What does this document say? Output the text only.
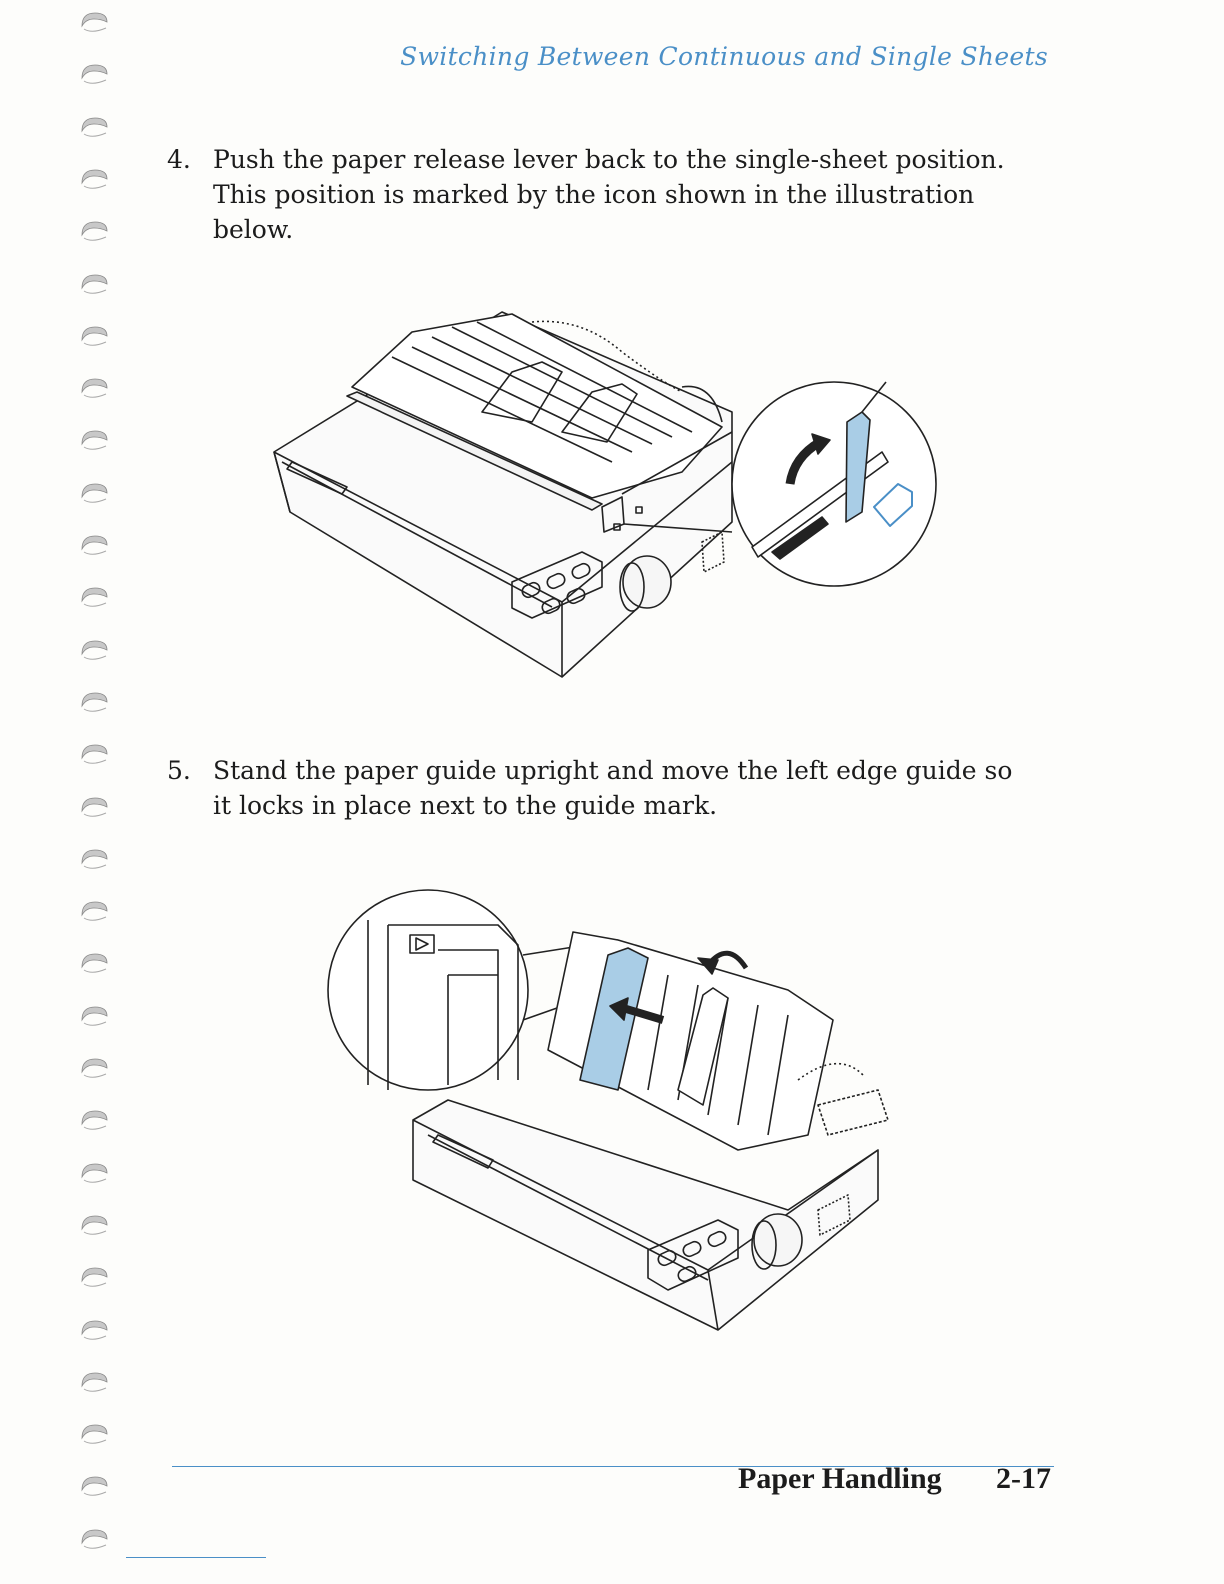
Switching Between Continuous and Single Sheets
4. Push the paper release lever back to the single-sheet position.
This position is marked by the icon shown in the illustration
below.
5. Stand the paper guide upright and move the left edge guide so
it locks in place next to the guide mark.
Paper Handling 2-17
